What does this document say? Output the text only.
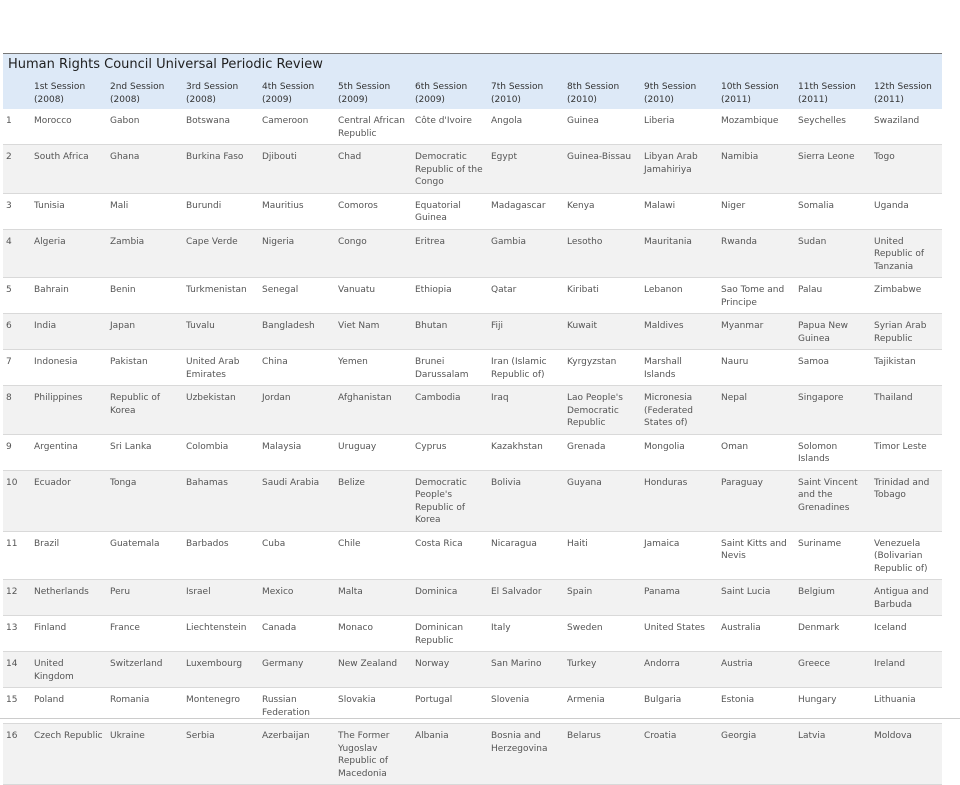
Human Rights Council Universal Periodic Review
	1st Session (2008)	2nd Session (2008)	3rd Session (2008)	4th Session (2009)	5th Session (2009)	6th Session (2009)	7th Session (2010)	8th Session (2010)	9th Session (2010)	10th Session (2011)	11th Session (2011)	12th Session (2011)
1	Morocco	Gabon	Botswana	Cameroon	Central African Republic	Côte d'Ivoire	Angola	Guinea	Liberia	Mozambique	Seychelles	Swaziland
2	South Africa	Ghana	Burkina Faso	Djibouti	Chad	Democratic Republic of the Congo	Egypt	Guinea-Bissau	Libyan Arab Jamahiriya	Namibia	Sierra Leone	Togo
3	Tunisia	Mali	Burundi	Mauritius	Comoros	Equatorial Guinea	Madagascar	Kenya	Malawi	Niger	Somalia	Uganda
4	Algeria	Zambia	Cape Verde	Nigeria	Congo	Eritrea	Gambia	Lesotho	Mauritania	Rwanda	Sudan	United Republic of Tanzania
5	Bahrain	Benin	Turkmenistan	Senegal	Vanuatu	Ethiopia	Qatar	Kiribati	Lebanon	Sao Tome and Principe	Palau	Zimbabwe
6	India	Japan	Tuvalu	Bangladesh	Viet Nam	Bhutan	Fiji	Kuwait	Maldives	Myanmar	Papua New Guinea	Syrian Arab Republic
7	Indonesia	Pakistan	United Arab Emirates	China	Yemen	Brunei Darussalam	Iran (Islamic Republic of)	Kyrgyzstan	Marshall Islands	Nauru	Samoa	Tajikistan
8	Philippines	Republic of Korea	Uzbekistan	Jordan	Afghanistan	Cambodia	Iraq	Lao People's Democratic Republic	Micronesia (Federated States of)	Nepal	Singapore	Thailand
9	Argentina	Sri Lanka	Colombia	Malaysia	Uruguay	Cyprus	Kazakhstan	Grenada	Mongolia	Oman	Solomon Islands	Timor Leste
10	Ecuador	Tonga	Bahamas	Saudi Arabia	Belize	Democratic People's Republic of Korea	Bolivia	Guyana	Honduras	Paraguay	Saint Vincent and the Grenadines	Trinidad and Tobago
11	Brazil	Guatemala	Barbados	Cuba	Chile	Costa Rica	Nicaragua	Haiti	Jamaica	Saint Kitts and Nevis	Suriname	Venezuela (Bolivarian Republic of)
12	Netherlands	Peru	Israel	Mexico	Malta	Dominica	El Salvador	Spain	Panama	Saint Lucia	Belgium	Antigua and Barbuda
13	Finland	France	Liechtenstein	Canada	Monaco	Dominican Republic	Italy	Sweden	United States	Australia	Denmark	Iceland
14	United Kingdom	Switzerland	Luxembourg	Germany	New Zealand	Norway	San Marino	Turkey	Andorra	Austria	Greece	Ireland
15	Poland	Romania	Montenegro	Russian Federation	Slovakia	Portugal	Slovenia	Armenia	Bulgaria	Estonia	Hungary	Lithuania
16	Czech Republic	Ukraine	Serbia	Azerbaijan	The Former Yugoslav Republic of Macedonia	Albania	Bosnia and Herzegovina	Belarus	Croatia	Georgia	Latvia	Moldova
